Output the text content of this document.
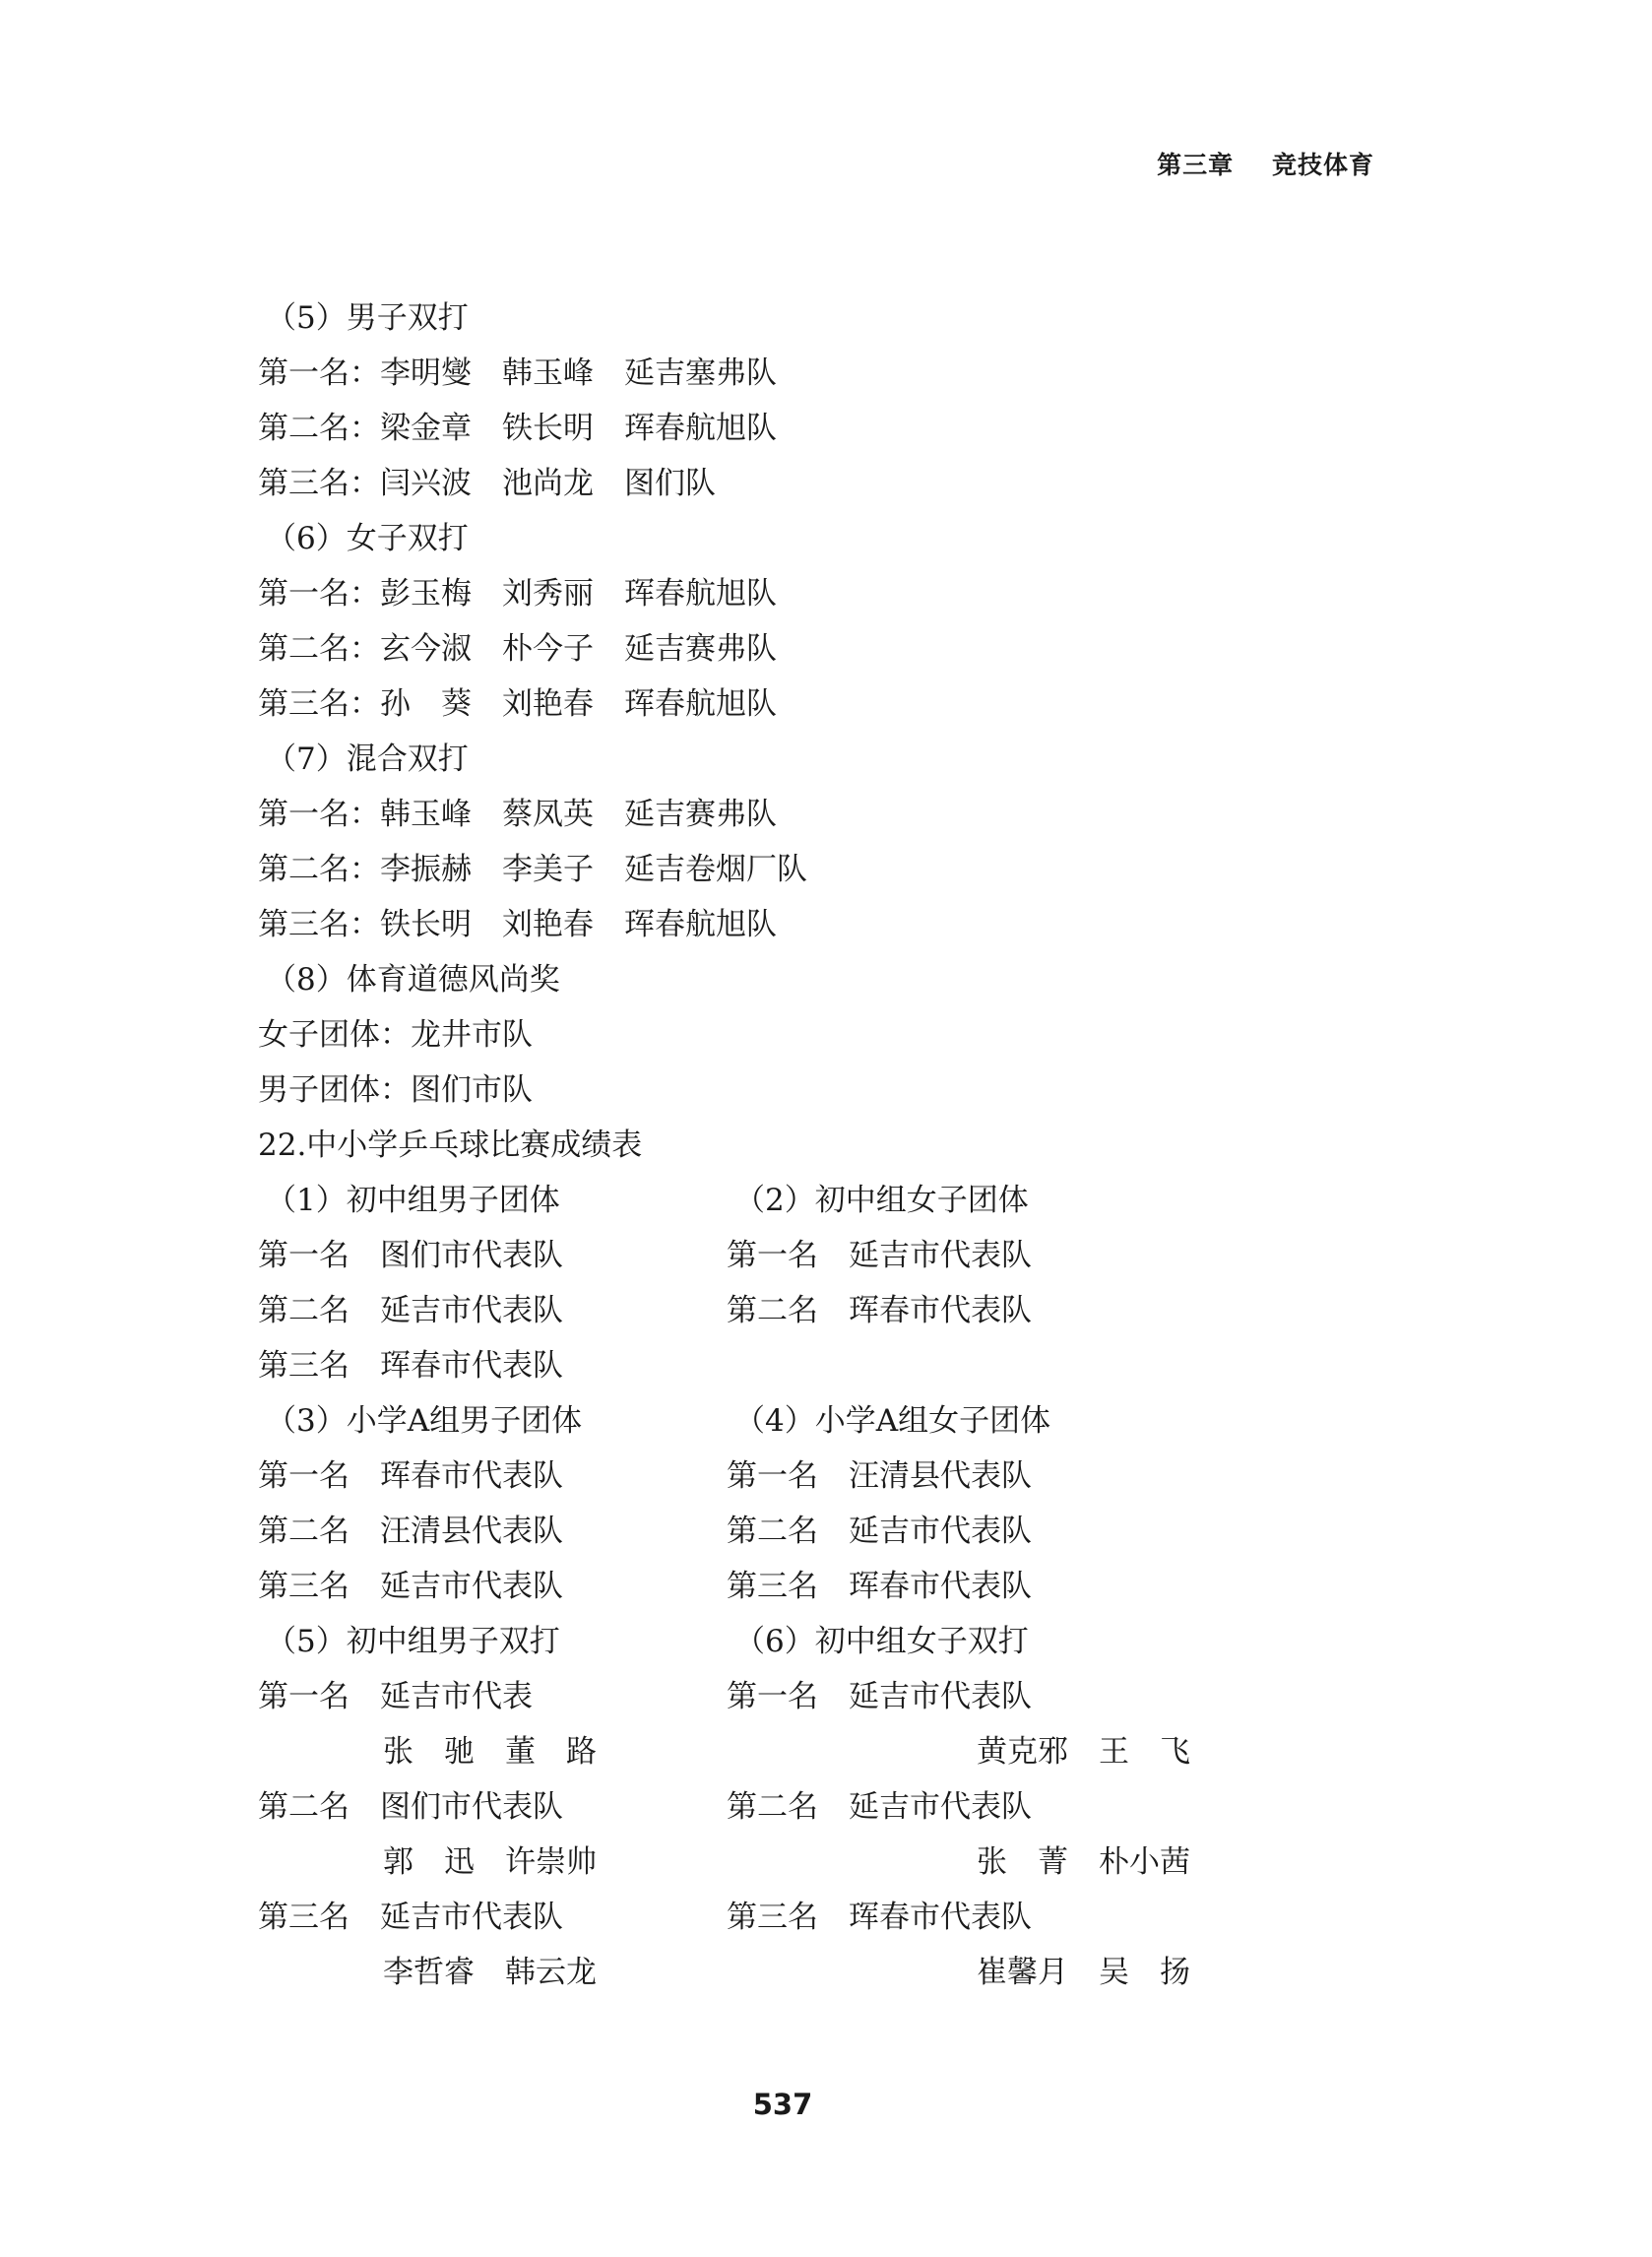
第三章 竞技体育
（5）男子双打
第一名：李明燮　韩玉峰　延吉塞弗队
第二名：梁金章　铁长明　珲春航旭队
第三名：闫兴波　池尚龙　图们队
（6）女子双打
第一名：彭玉梅　刘秀丽　珲春航旭队
第二名：玄今淑　朴今子　延吉赛弗队
第三名：孙　葵　刘艳春　珲春航旭队
（7）混合双打
第一名：韩玉峰　蔡凤英　延吉赛弗队
第二名：李振赫　李美子　延吉卷烟厂队
第三名：铁长明　刘艳春　珲春航旭队
（8）体育道德风尚奖
女子团体：龙井市队
男子团体：图们市队
22.中小学乒乓球比赛成绩表
（1）初中组男子团体	（2）初中组女子团体
第一名　图们市代表队	第一名　延吉市代表队
第二名　延吉市代表队	第二名　珲春市代表队
第三名　珲春市代表队
（3）小学A组男子团体	（4）小学A组女子团体
第一名　珲春市代表队	第一名　汪清县代表队
第二名　汪清县代表队	第二名　延吉市代表队
第三名　延吉市代表队	第三名　珲春市代表队
（5）初中组男子双打	（6）初中组女子双打
第一名　延吉市代表	第一名　延吉市代表队
张　驰　董　路	黄克邪　王　飞
第二名　图们市代表队	第二名　延吉市代表队
郭　迅　许崇帅	张　菁　朴小茜
第三名　延吉市代表队	第三名　珲春市代表队
李哲睿　韩云龙	崔馨月　吴　扬
537
